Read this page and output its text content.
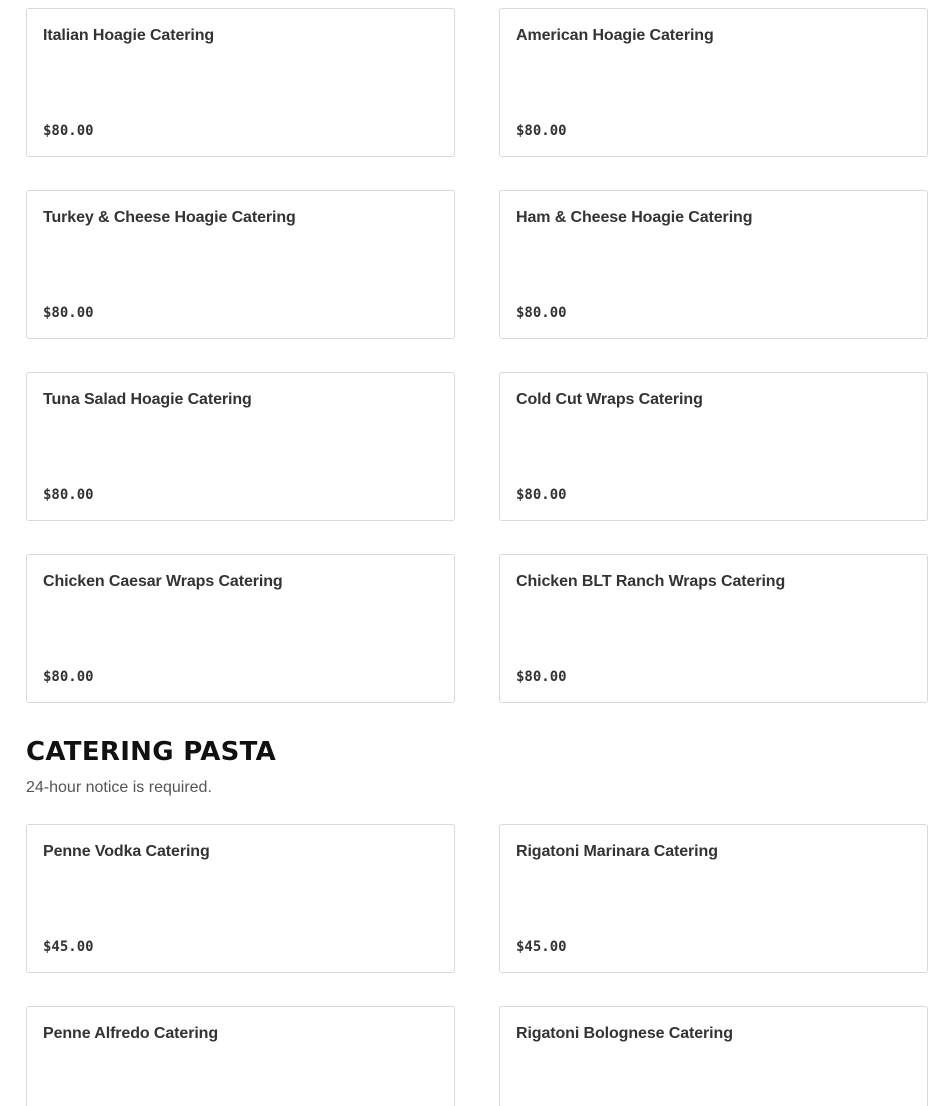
Italian Hoagie Catering
$80.00
American Hoagie Catering
$80.00
Turkey & Cheese Hoagie Catering
$80.00
Ham & Cheese Hoagie Catering
$80.00
Tuna Salad Hoagie Catering
$80.00
Cold Cut Wraps Catering
$80.00
Chicken Caesar Wraps Catering
$80.00
Chicken BLT Ranch Wraps Catering
$80.00
CATERING PASTA
24-hour notice is required.
Penne Vodka Catering
$45.00
Rigatoni Marinara Catering
$45.00
Penne Alfredo Catering	Rigatoni Bolognese Catering
